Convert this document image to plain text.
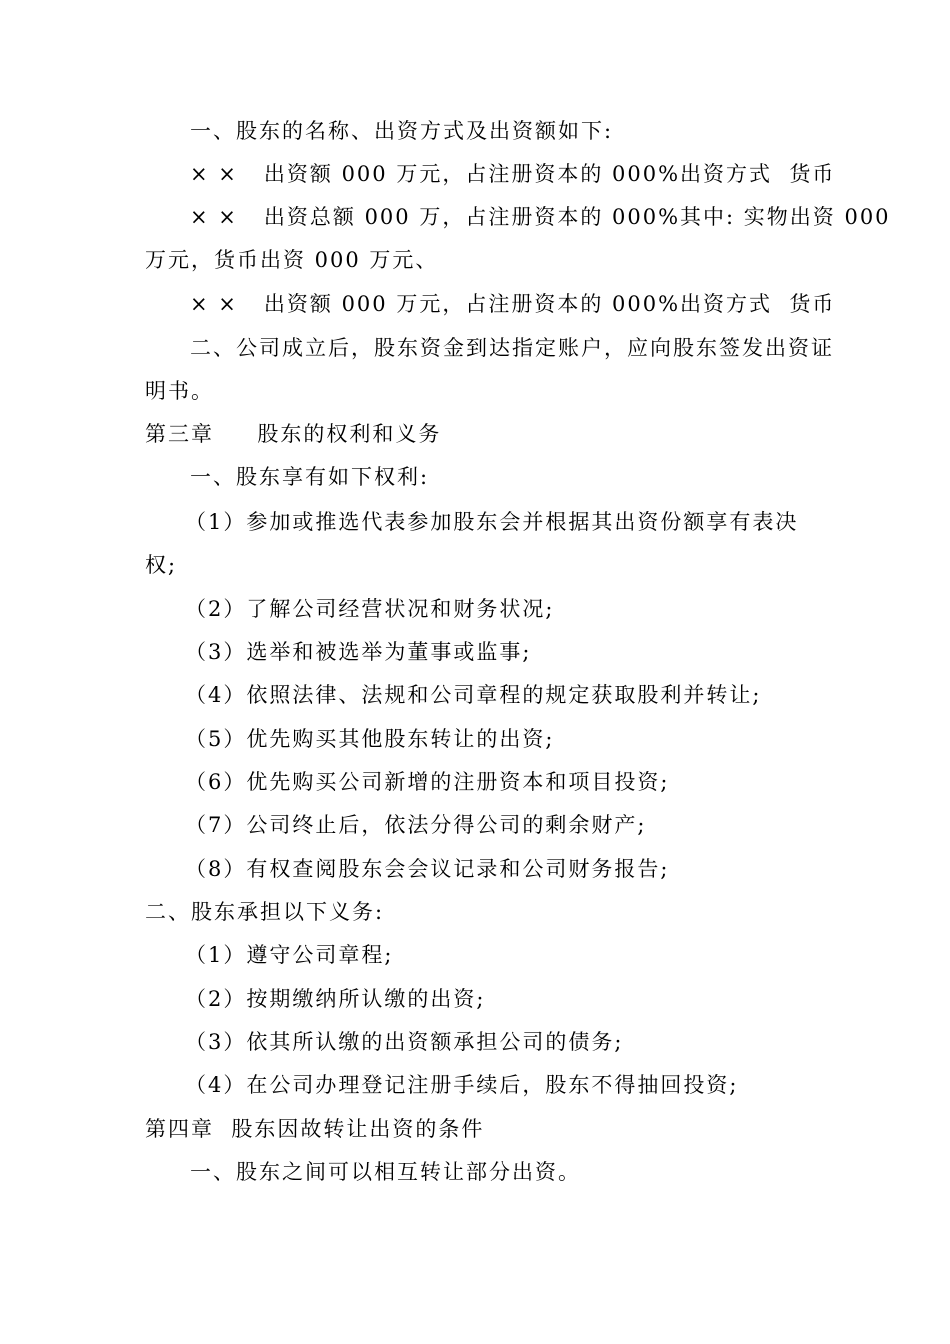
一、股东的名称、出资方式及出资额如下:
× ×   出资额 000 万元，占注册资本的 000%出资方式  货币
× ×   出资总额 000 万，占注册资本的 000%其中: 实物出资 000
万元，货币出资 000 万元、
× ×   出资额 000 万元，占注册资本的 000%出资方式  货币
二、公司成立后，股东资金到达指定账户，应向股东签发出资证
明书。
第三章     股东的权利和义务
一、股东享有如下权利:
（1）参加或推选代表参加股东会并根据其出资份额享有表决
权;
（2）了解公司经营状况和财务状况;
（3）选举和被选举为董事或监事;
（4）依照法律、法规和公司章程的规定获取股利并转让;
（5）优先购买其他股东转让的出资;
（6）优先购买公司新增的注册资本和项目投资;
（7）公司终止后，依法分得公司的剩余财产;
（8）有权查阅股东会会议记录和公司财务报告;
二、股东承担以下义务:
（1）遵守公司章程;
（2）按期缴纳所认缴的出资;
（3）依其所认缴的出资额承担公司的债务;
（4）在公司办理登记注册手续后，股东不得抽回投资;
第四章  股东因故转让出资的条件
一、股东之间可以相互转让部分出资。
